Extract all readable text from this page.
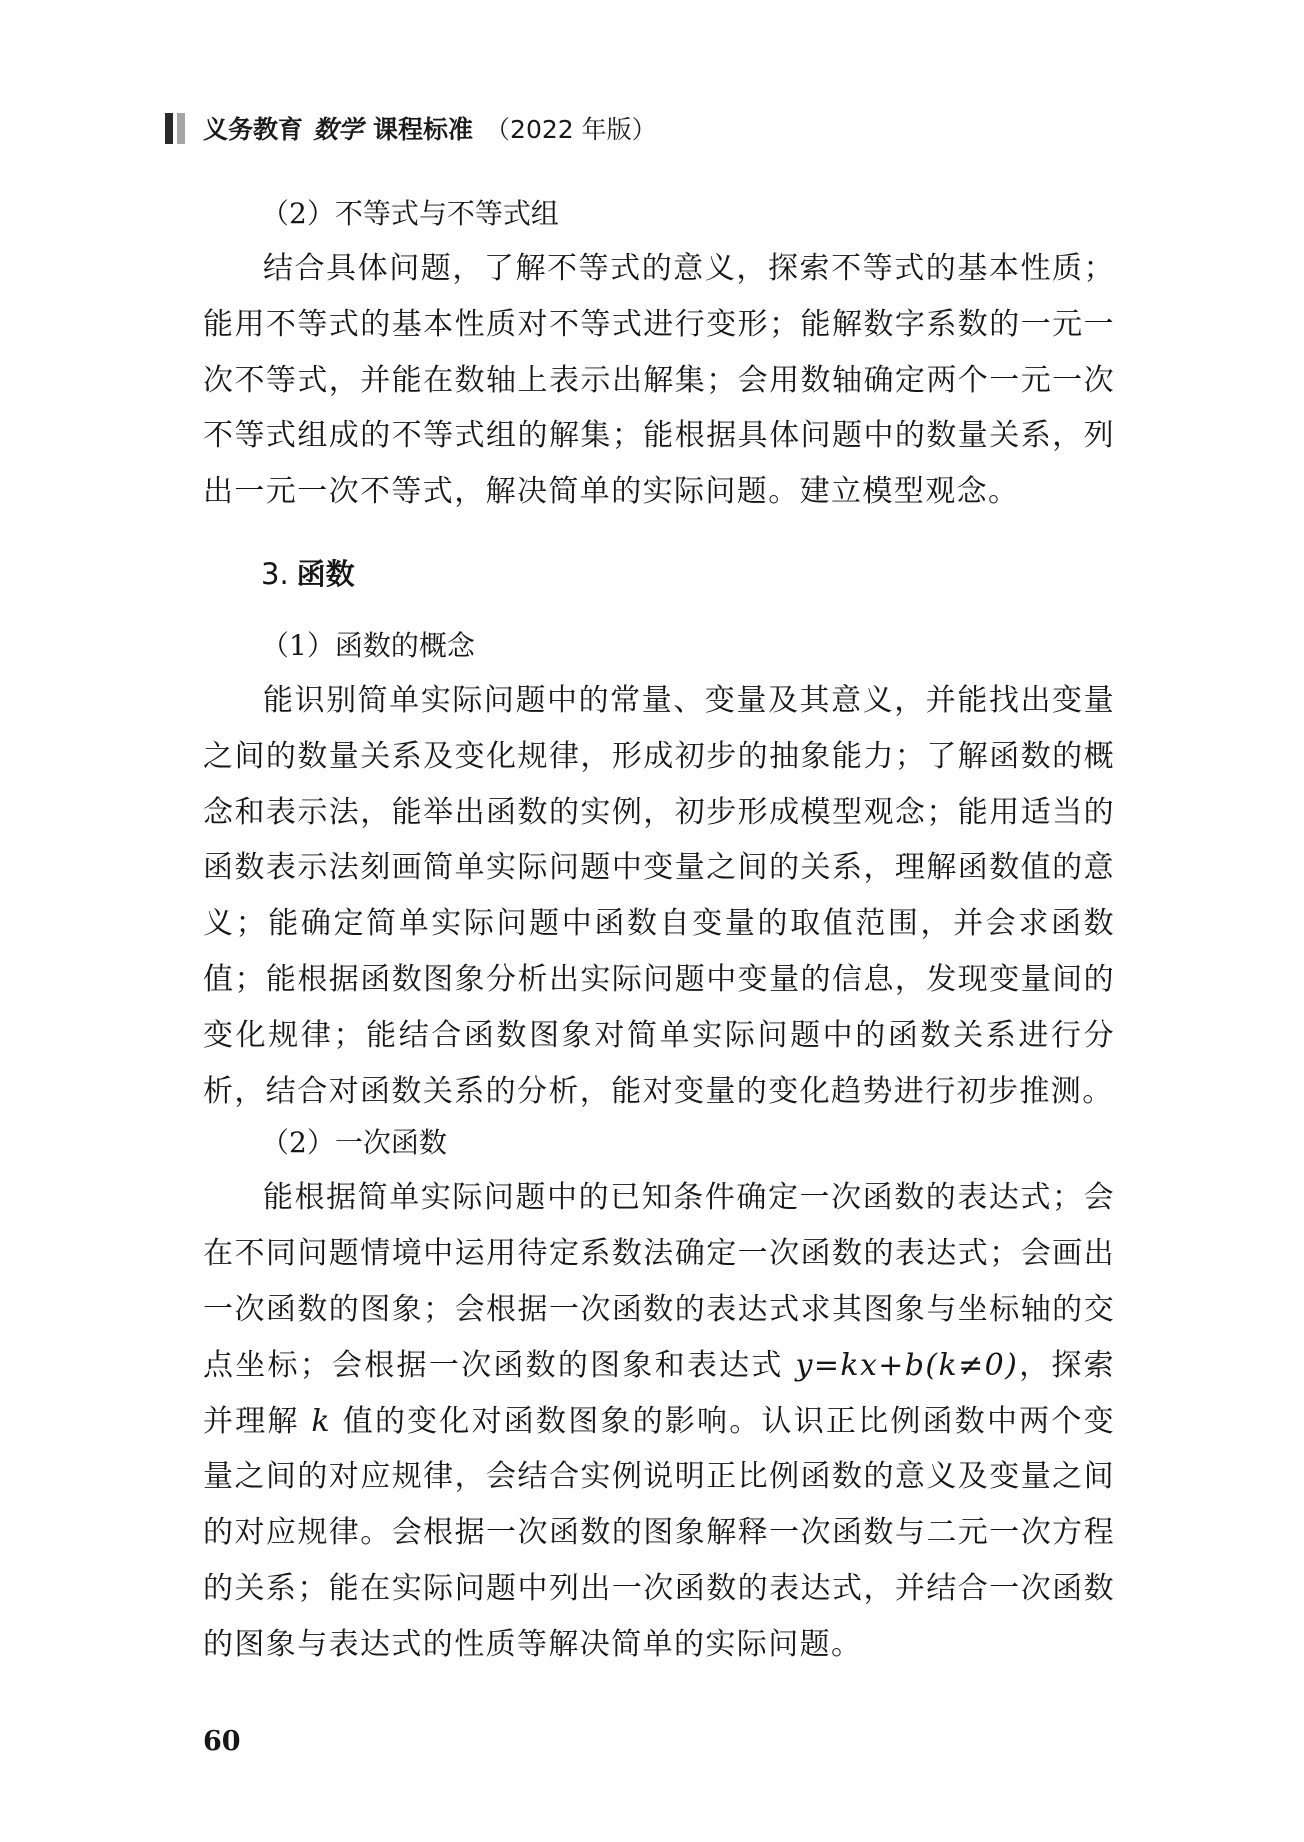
义务教育 数学 课程标准 （2022 年版）
（2）不等式与不等式组

结合具体问题，了解不等式的意义，探索不等式的基本性质；能用不等式的基本性质对不等式进行变形；能解数字系数的一元一次不等式，并能在数轴上表示出解集；会用数轴确定两个一元一次不等式组成的不等式组的解集；能根据具体问题中的数量关系，列出一元一次不等式，解决简单的实际问题。建立模型观念。

3. 函数
（1）函数的概念

能识别简单实际问题中的常量、变量及其意义，并能找出变量之间的数量关系及变化规律，形成初步的抽象能力；了解函数的概念和表示法，能举出函数的实例，初步形成模型观念；能用适当的函数表示法刻画简单实际问题中变量之间的关系，理解函数值的意义；能确定简单实际问题中函数自变量的取值范围，并会求函数值；能根据函数图象分析出实际问题中变量的信息，发现变量间的变化规律；能结合函数图象对简单实际问题中的函数关系进行分析，结合对函数关系的分析，能对变量的变化趋势进行初步推测。

（2）一次函数

能根据简单实际问题中的已知条件确定一次函数的表达式；会在不同问题情境中运用待定系数法确定一次函数的表达式；会画出一次函数的图象；会根据一次函数的表达式求其图象与坐标轴的交点坐标；会根据一次函数的图象和表达式 y=kx+b(k≠0)，探索并理解 k 值的变化对函数图象的影响。认识正比例函数中两个变量之间的对应规律，会结合实例说明正比例函数的意义及变量之间的对应规律。会根据一次函数的图象解释一次函数与二元一次方程的关系；能在实际问题中列出一次函数的表达式，并结合一次函数的图象与表达式的性质等解决简单的实际问题。

60
